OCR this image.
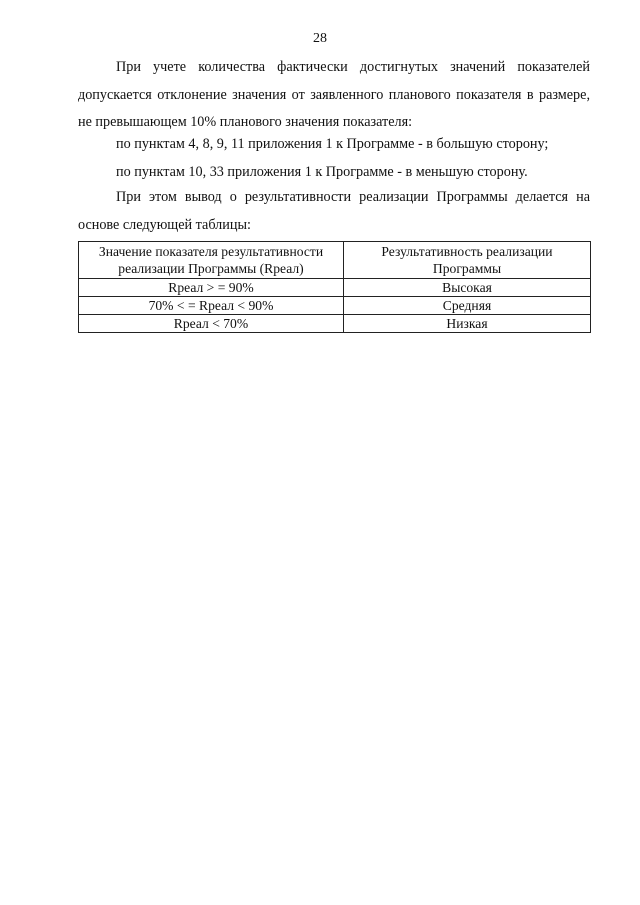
28
При учете количества фактически достигнутых значений показателей допускается отклонение значения от заявленного планового показателя в размере, не превышающем 10% планового значения показателя:
по пунктам 4, 8, 9, 11 приложения 1 к Программе - в большую сторону;
по пунктам 10, 33 приложения 1 к Программе - в меньшую сторону.
При этом вывод о результативности реализации Программы делается на основе следующей таблицы:
Значение показателя результативности реализации Программы (Rреал)	Результативность реализации Программы
Rреал > = 90%	Высокая
70% < = Rреал < 90%	Средняя
Rреал < 70%	Низкая
